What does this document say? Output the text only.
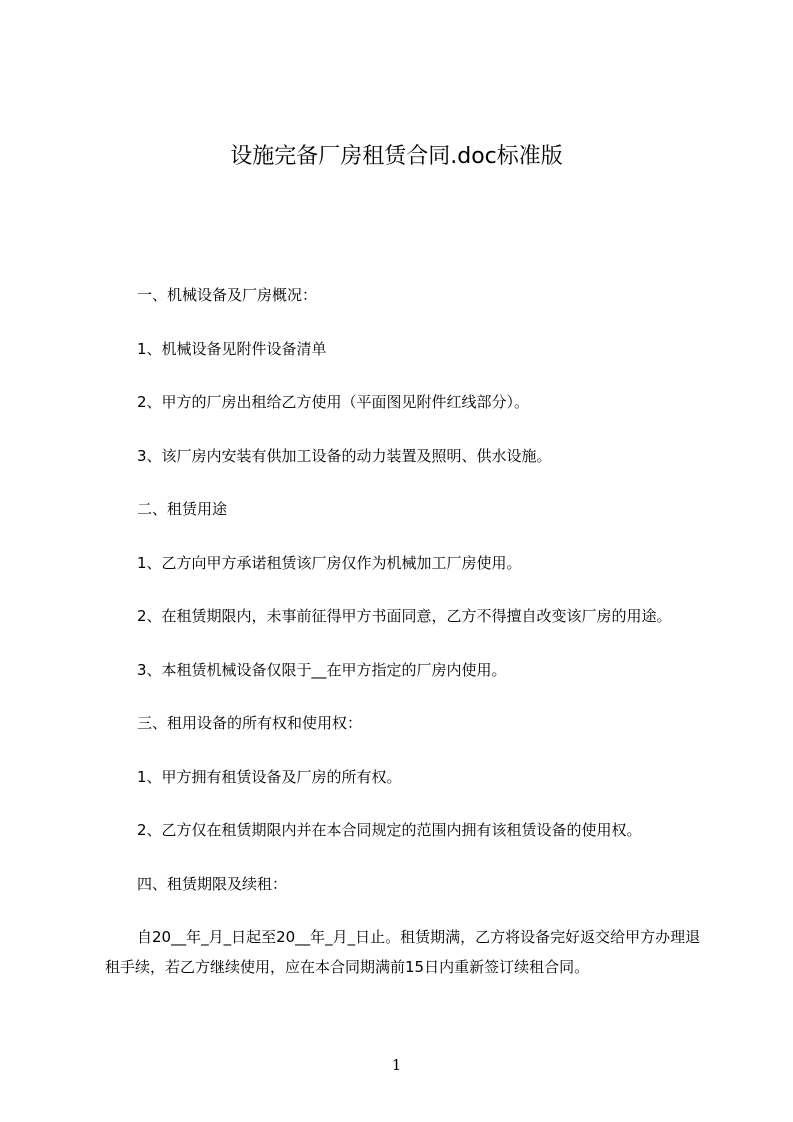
设施完备厂房租赁合同.doc标准版

一、机械设备及厂房概况：

1、机械设备见附件设备清单

2、甲方的厂房出租给乙方使用（平面图见附件红线部分）。

3、该厂房内安装有供加工设备的动力装置及照明、供水设施。

二、租赁用途

1、乙方向甲方承诺租赁该厂房仅作为机械加工厂房使用。

2、在租赁期限内，未事前征得甲方书面同意，乙方不得擅自改变该厂房的用途。

3、本租赁机械设备仅限于__在甲方指定的厂房内使用。

三、租用设备的所有权和使用权：

1、甲方拥有租赁设备及厂房的所有权。

2、乙方仅在租赁期限内并在本合同规定的范围内拥有该租赁设备的使用权。

四、租赁期限及续租：

自20__年_月_日起至20__年_月_日止。租赁期满，乙方将设备完好返交给甲方办理退租手续，若乙方继续使用，应在本合同期满前15日内重新签订续租合同。

1
